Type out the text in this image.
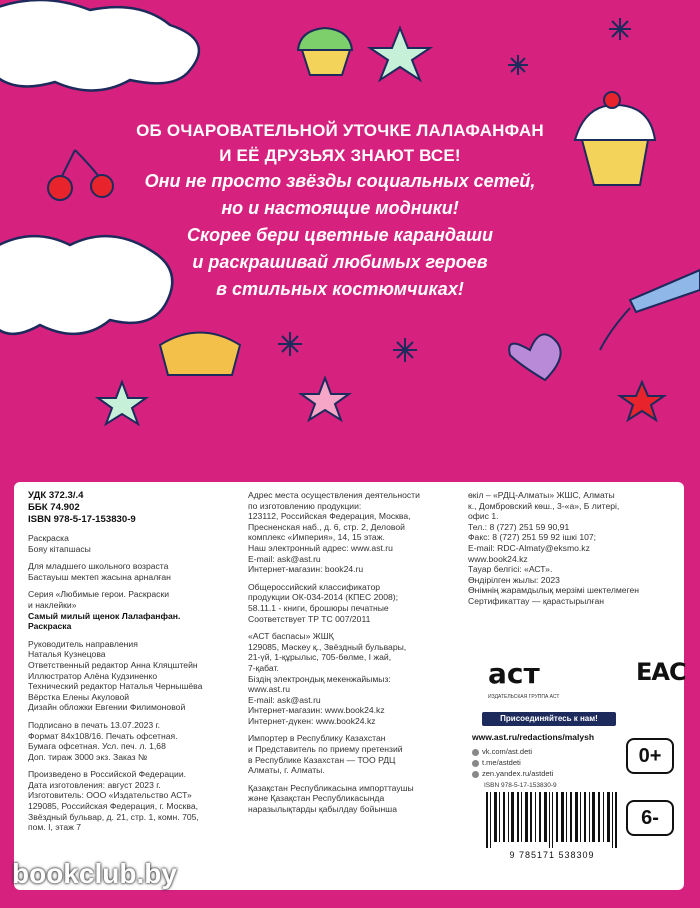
ОБ ОЧАРОВАТЕЛЬНОЙ УТОЧКЕ ЛАЛАФАНФАН
И ЕЁ ДРУЗЬЯХ ЗНАЮТ ВСЕ!
Они не просто звёзды социальных сетей,
но и настоящие модники!
Скорее бери цветные карандаши
и раскрашивай любимых героев
в стильных костюмчиках!
УДК 372.3/.4
ББК 74.902
ISBN 978-5-17-153830-9
Раскраска
Бояу кітапшасы
Для младшего школьного возраста
Бастауыш мектеп жасына арналған
Серия «Любимые герои. Раскраски
и наклейки»
Самый милый щенок Лалафанфан.
Раскраска
Руководитель направления
Наталья Кузнецова
Ответственный редактор Анна Кляцштейн
Иллюстратор Алёна Кудзиненко
Технический редактор Наталья Чернышёва
Вёрстка Елены Акуловой
Дизайн обложки Евгении Филимоновой
Подписано в печать 13.07.2023 г.
Формат 84х108/16. Печать офсетная.
Бумага офсетная. Усл. печ. л. 1,68
Доп. тираж 3000 экз. Заказ №
Произведено в Российской Федерации.
Дата изготовления: август 2023 г.
Изготовитель: ООО «Издательство АСТ»
129085, Российская Федерация, г. Москва,
Звёздный бульвар, д. 21, стр. 1, комн. 705,
пом. I, этаж 7
Адрес места осуществления деятельности
по изготовлению продукции:
123112, Российская Федерация, Москва,
Пресненская наб., д. 6, стр. 2, Деловой
комплекс «Империя», 14, 15 этаж.
Наш электронный адрес: www.ast.ru
E-mail: ask@ast.ru
Интернет-магазин: book24.ru
Общероссийский классификатор
продукции ОК-034-2014 (КПЕС 2008);
58.11.1 - книги, брошюры печатные
Соответствует ТР ТС 007/2011
«АСТ баспасы» ЖШҚ
129085, Мәскеу қ., Звёздный бульвары,
21-үй, 1-құрылыс, 705-бөлме, I жай,
7-қабат.
Біздің электрондық мекенжайымыз:
www.ast.ru
E-mail: ask@ast.ru
Интернет-магазин: www.book24.kz
Интернет-дүкен: www.book24.kz
Импортер в Республику Казахстан
и Представитель по приему претензий
в Республике Казахстан — ТОО РДЦ
Алматы, г. Алматы.
Қазақстан Республикасына импорттаушы
және Қазақстан Республикасында
наразылықтарды қабылдау бойынша
өкіл – «РДЦ-Алматы» ЖШС, Алматы
к., Домбровский көш., 3-«а», Б литері,
офис 1.
Тел.: 8 (727) 251 59 90,91
Факс: 8 (727) 251 59 92 ішкі 107;
E-mail: RDC-Almaty@eksmo.kz
www.book24.kz
Тауар белгісі: «АСТ».
Өндірілген жылы: 2023
Өнімнің жарамдылық мерзімі шектелмеген
Сертификаттау — қарастырылған
аст
ИЗДАТЕЛЬСКАЯ ГРУППА АСТ
EAC
Присоединяйтесь к нам!
www.ast.ru/redactions/malysh
vk.com/ast.deti
t.me/astdeti
zen.yandex.ru/astdeti
ISBN 978-5-17-153830-9
9 785171 538309
0+
6-
bookclub.by
